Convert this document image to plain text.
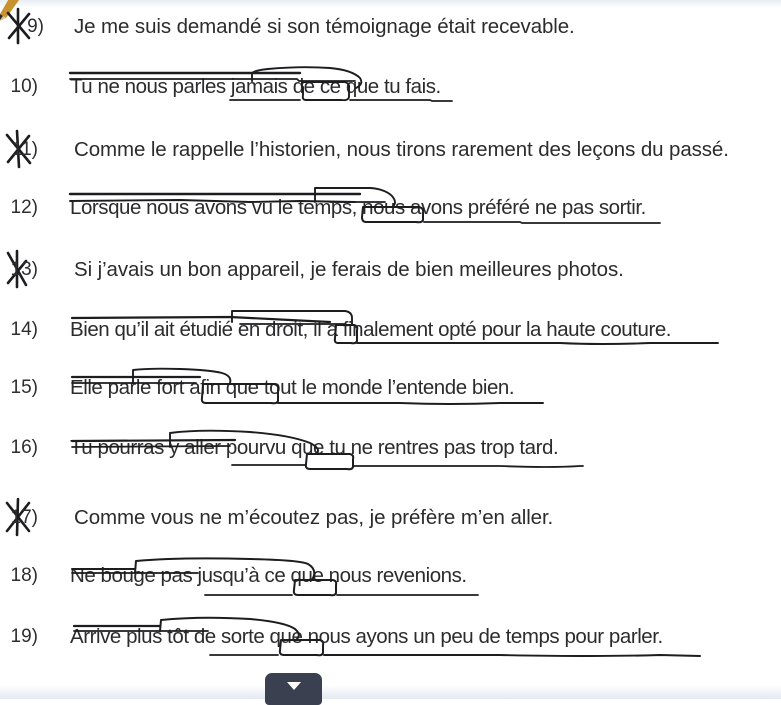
9) Je me suis demandé si son témoignage était recevable.
10) Tu ne nous parles jamais de ce que tu fais.
11) Comme le rappelle l’historien, nous tirons rarement des leçons du passé.
12) Lorsque nous avons vu le temps, nous avons préféré ne pas sortir.
13) Si j’avais un bon appareil, je ferais de bien meilleures photos.
14) Bien qu’il ait étudié en droit, il a finalement opté pour la haute couture.
15) Elle parle fort afin que tout le monde l’entende bien.
16) Tu pourras y aller pourvu que tu ne rentres pas trop tard.
17) Comme vous ne m’écoutez pas, je préfère m’en aller.
18) Ne bouge pas jusqu’à ce que nous revenions.
19) Arrive plus tôt de sorte que nous ayons un peu de temps pour parler.
